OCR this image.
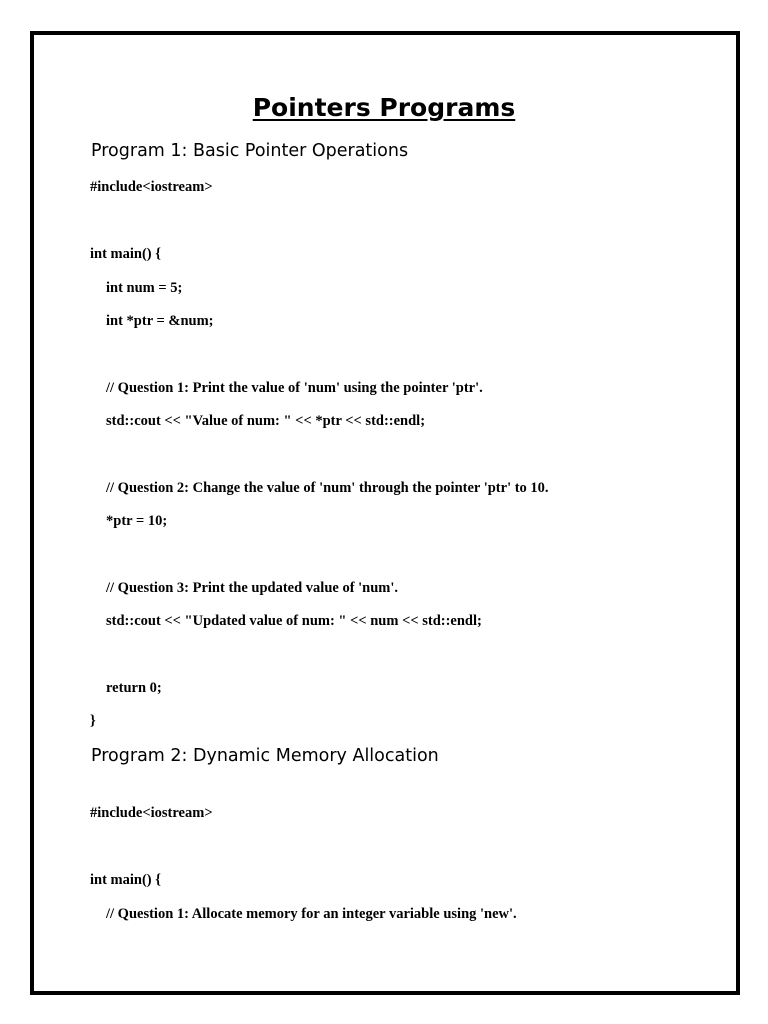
Pointers Programs
Program 1: Basic Pointer Operations
#include<iostream>
int main() {
int num = 5;
int *ptr = &num;
// Question 1: Print the value of 'num' using the pointer 'ptr'.
std::cout << "Value of num: " << *ptr << std::endl;
// Question 2: Change the value of 'num' through the pointer 'ptr' to 10.
*ptr = 10;
// Question 3: Print the updated value of 'num'.
std::cout << "Updated value of num: " << num << std::endl;
return 0;
}
Program 2: Dynamic Memory Allocation
#include<iostream>
int main() {
// Question 1: Allocate memory for an integer variable using 'new'.
